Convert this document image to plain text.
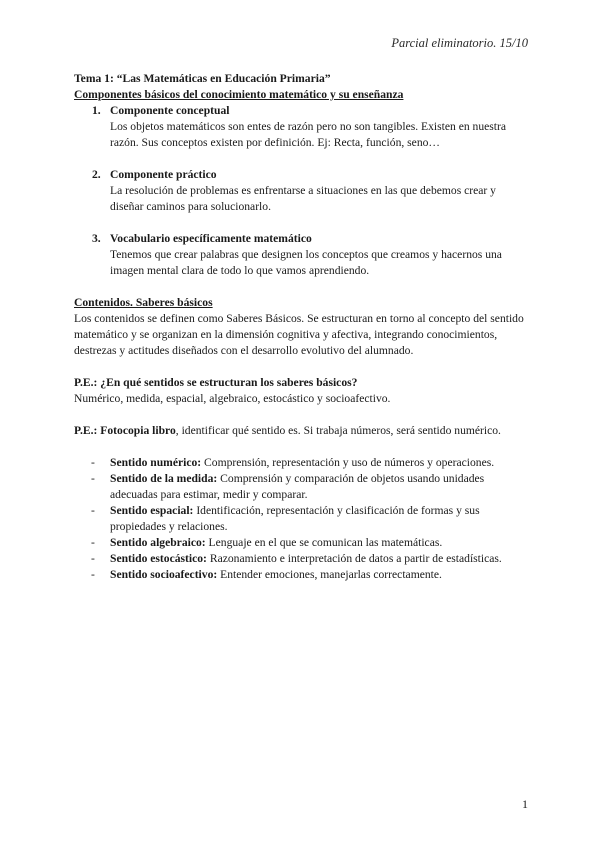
Parcial eliminatorio. 15/10

Tema 1: “Las Matemáticas en Educación Primaria”

Componentes básicos del conocimiento matemático y su enseñanza

1. Componente conceptual

Los objetos matemáticos son entes de razón pero no son tangibles. Existen en nuestra razón. Sus conceptos existen por definición. Ej: Recta, función, seno…

2. Componente práctico

La resolución de problemas es enfrentarse a situaciones en las que debemos crear y diseñar caminos para solucionarlo.

3. Vocabulario específicamente matemático

Tenemos que crear palabras que designen los conceptos que creamos y hacernos una imagen mental clara de todo lo que vamos aprendiendo.

Contenidos. Saberes básicos

Los contenidos se definen como Saberes Básicos. Se estructuran en torno al concepto del sentido matemático y se organizan en la dimensión cognitiva y afectiva, integrando conocimientos, destrezas y actitudes diseñados con el desarrollo evolutivo del alumnado.

P.E.: ¿En qué sentidos se estructuran los saberes básicos?

Numérico, medida, espacial, algebraico, estocástico y socioafectivo.

P.E.: Fotocopia libro, identificar qué sentido es. Si trabaja números, será sentido numérico.

- Sentido numérico: Comprensión, representación y uso de números y operaciones.
- Sentido de la medida: Comprensión y comparación de objetos usando unidades adecuadas para estimar, medir y comparar.
- Sentido espacial: Identificación, representación y clasificación de formas y sus propiedades y relaciones.
- Sentido algebraico: Lenguaje en el que se comunican las matemáticas.
- Sentido estocástico: Razonamiento e interpretación de datos a partir de estadísticas.
- Sentido socioafectivo: Entender emociones, manejarlas correctamente.
1
